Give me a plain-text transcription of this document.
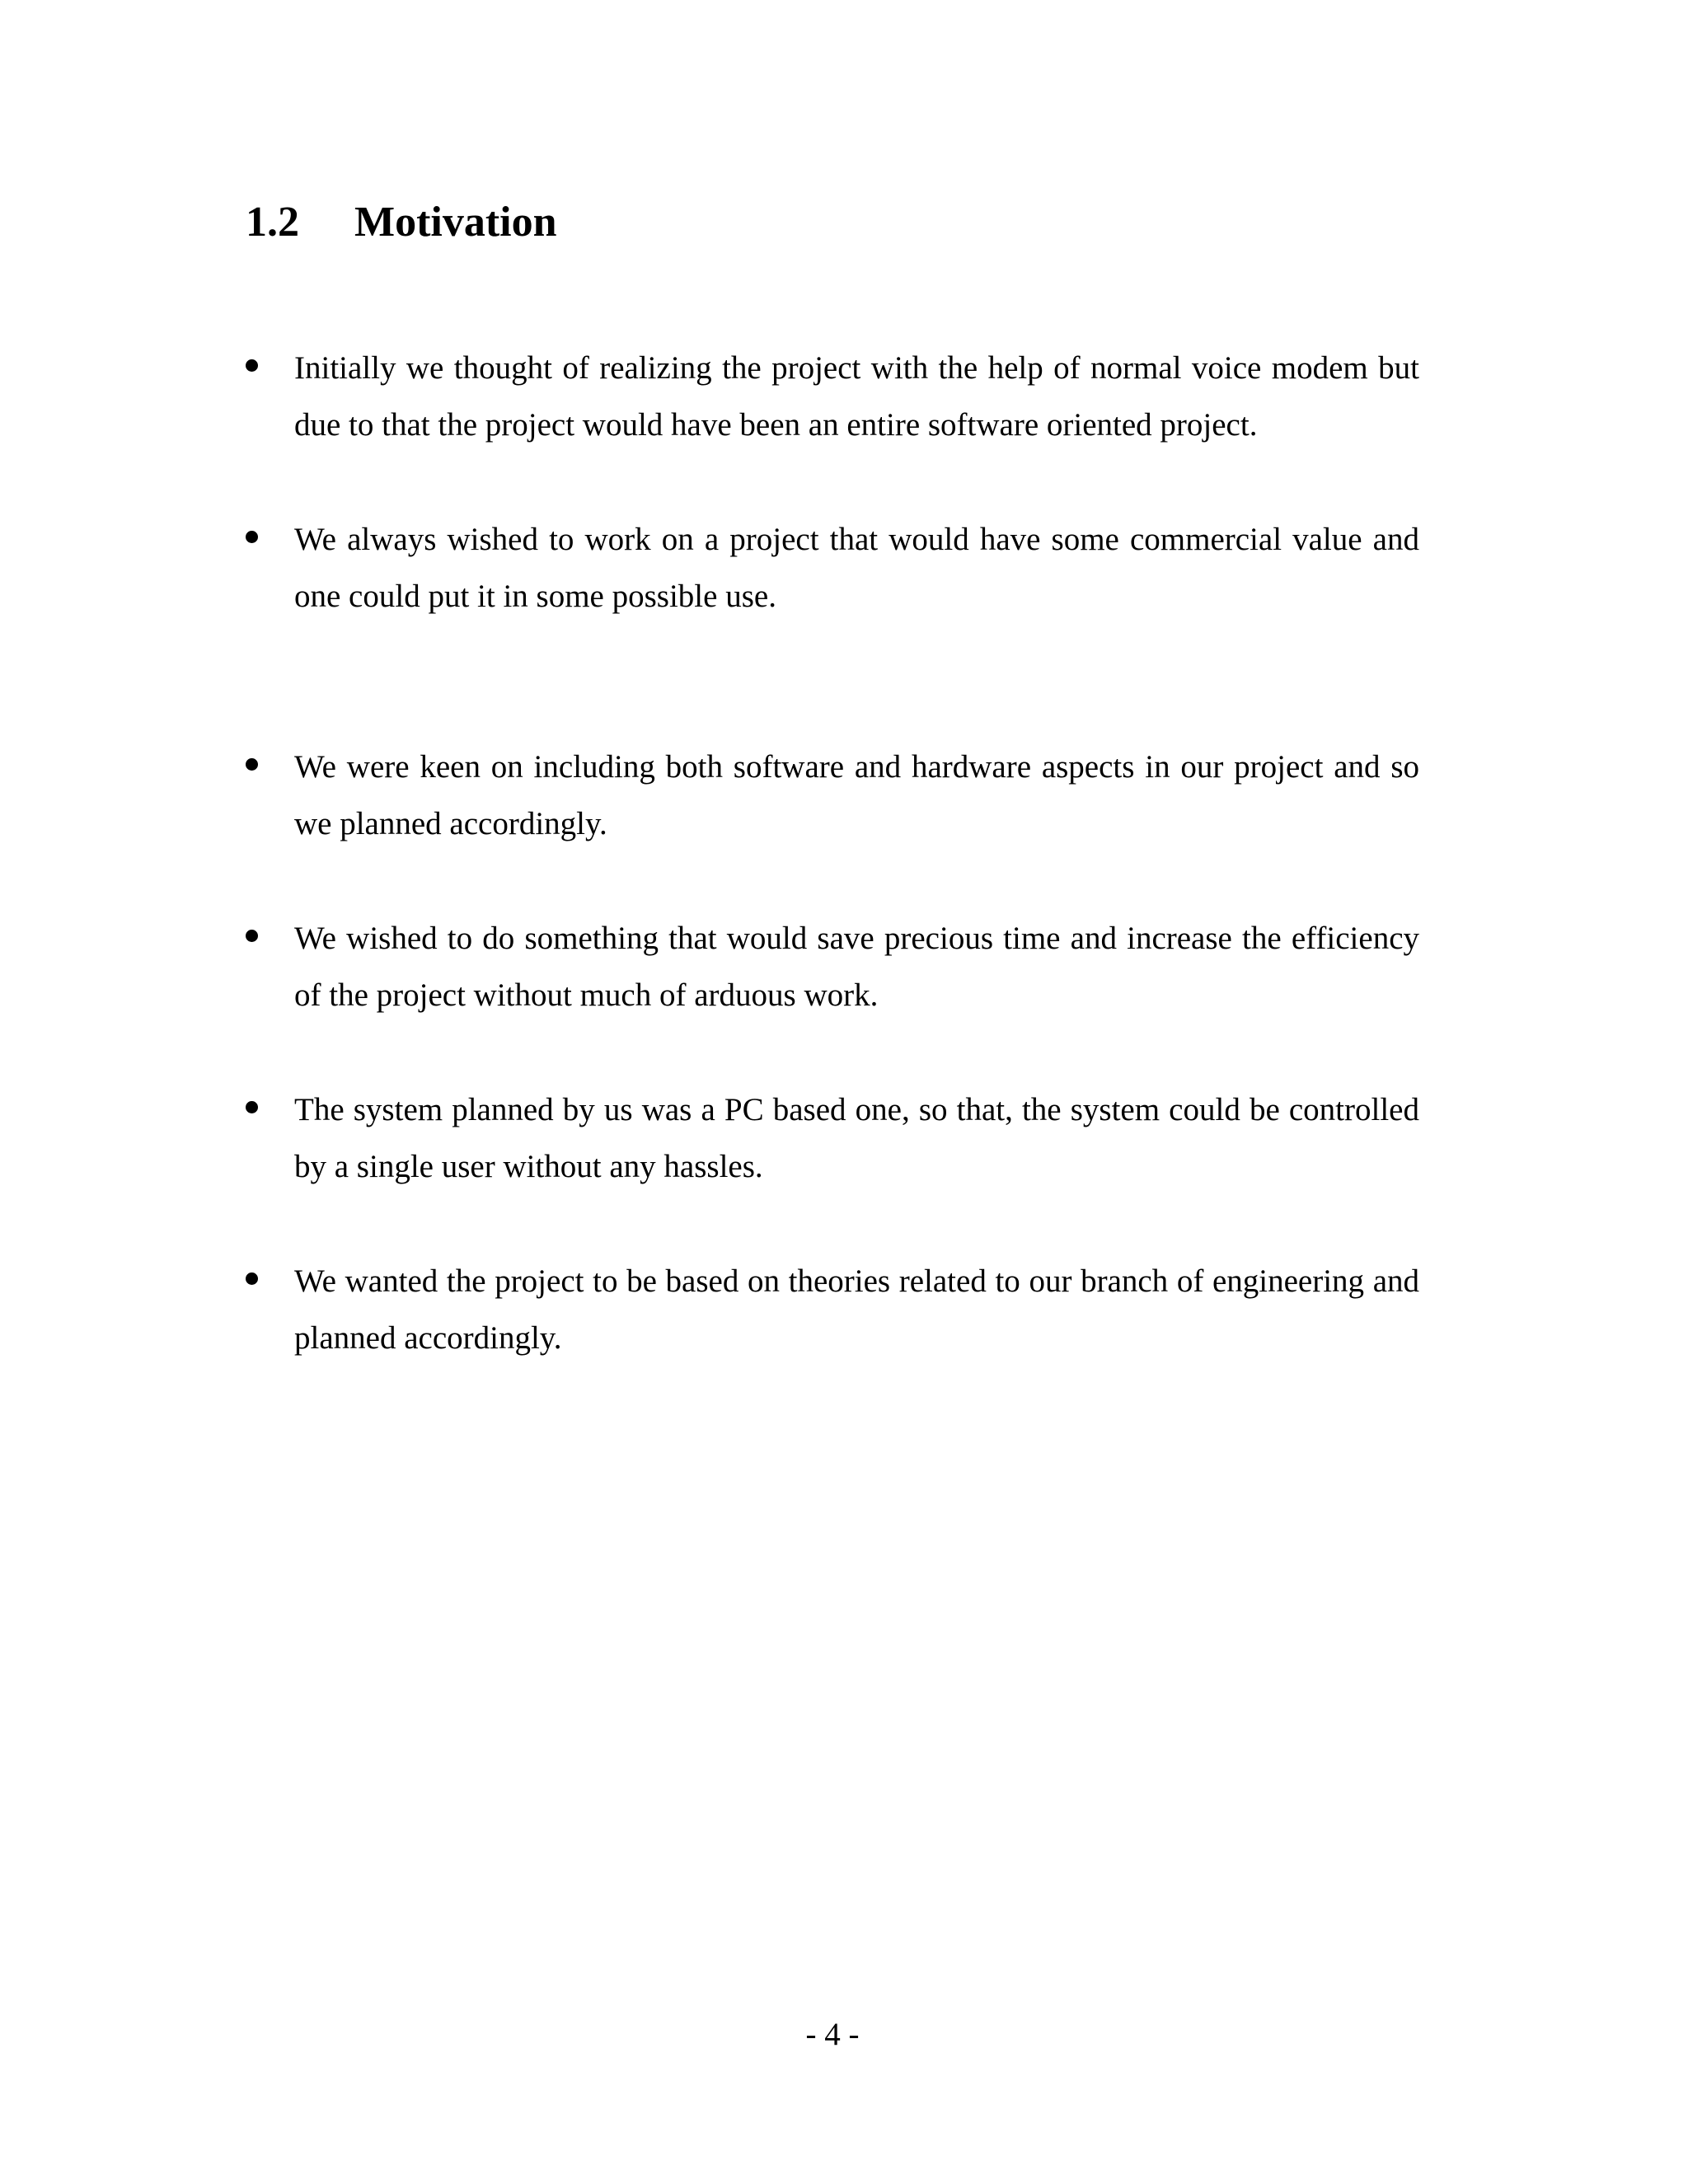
1.2 Motivation
Initially we thought of realizing the project with the help of normal voice modem but due to that the project would have been an entire software oriented project.
We always wished to work on a project that would have some commercial value and one could put it in some possible use.
We were keen on including both software and hardware aspects in our project and so we planned accordingly.
We wished to do something that would save precious time and increase the efficiency of the project without much of arduous work.
The system planned by us was a PC based one, so that, the system could be controlled by a single user without any hassles.
We wanted the project to be based on theories related to our branch of engineering and planned accordingly.

- 4 -
